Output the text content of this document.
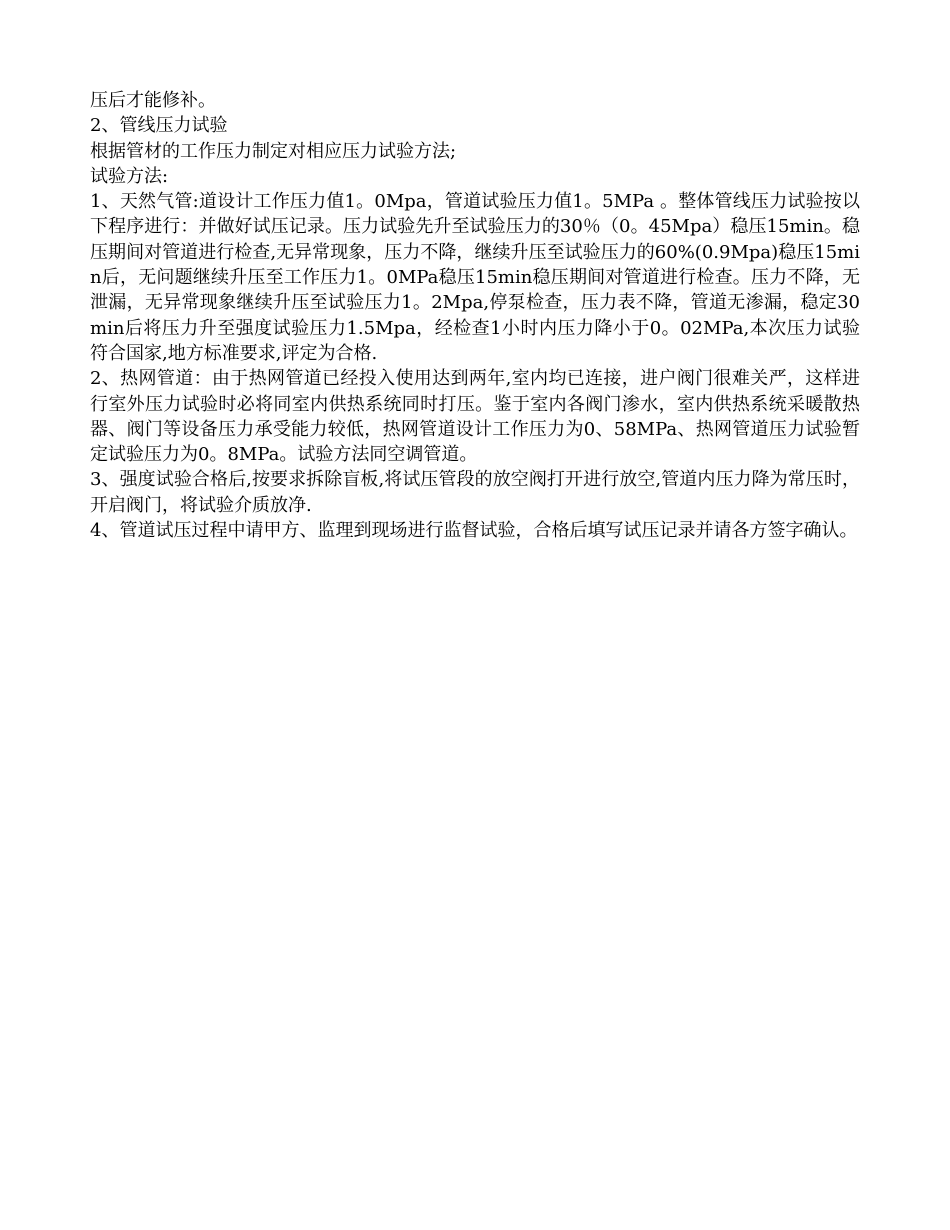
压后才能修补。

2、管线压力试验

根据管材的工作压力制定对相应压力试验方法;

试验方法:

1、天然气管:道设计工作压力值1。0Mpa，管道试验压力值1。5MPa 。整体管线压力试验按以下程序进行：并做好试压记录。压力试验先升至试验压力的30％（0。45Mpa）稳压15min。稳压期间对管道进行检查,无异常现象，压力不降，继续升压至试验压力的60%(0.9Mpa)稳压15min后，无问题继续升压至工作压力1。0MPa稳压15min稳压期间对管道进行检查。压力不降，无泄漏，无异常现象继续升压至试验压力1。2Mpa,停泵检查，压力表不降，管道无渗漏，稳定30min后将压力升至强度试验压力1.5Mpa，经检查1小时内压力降小于0。02MPa,本次压力试验符合国家,地方标准要求,评定为合格.

2、热网管道：由于热网管道已经投入使用达到两年,室内均已连接，进户阀门很难关严，这样进行室外压力试验时必将同室内供热系统同时打压。鉴于室内各阀门渗水，室内供热系统采暖散热器、阀门等设备压力承受能力较低，热网管道设计工作压力为0、58MPa、热网管道压力试验暂定试验压力为0。8MPa。试验方法同空调管道。

3、强度试验合格后,按要求拆除盲板,将试压管段的放空阀打开进行放空,管道内压力降为常压时，开启阀门，将试验介质放净.

4、管道试压过程中请甲方、监理到现场进行监督试验，合格后填写试压记录并请各方签字确认。
